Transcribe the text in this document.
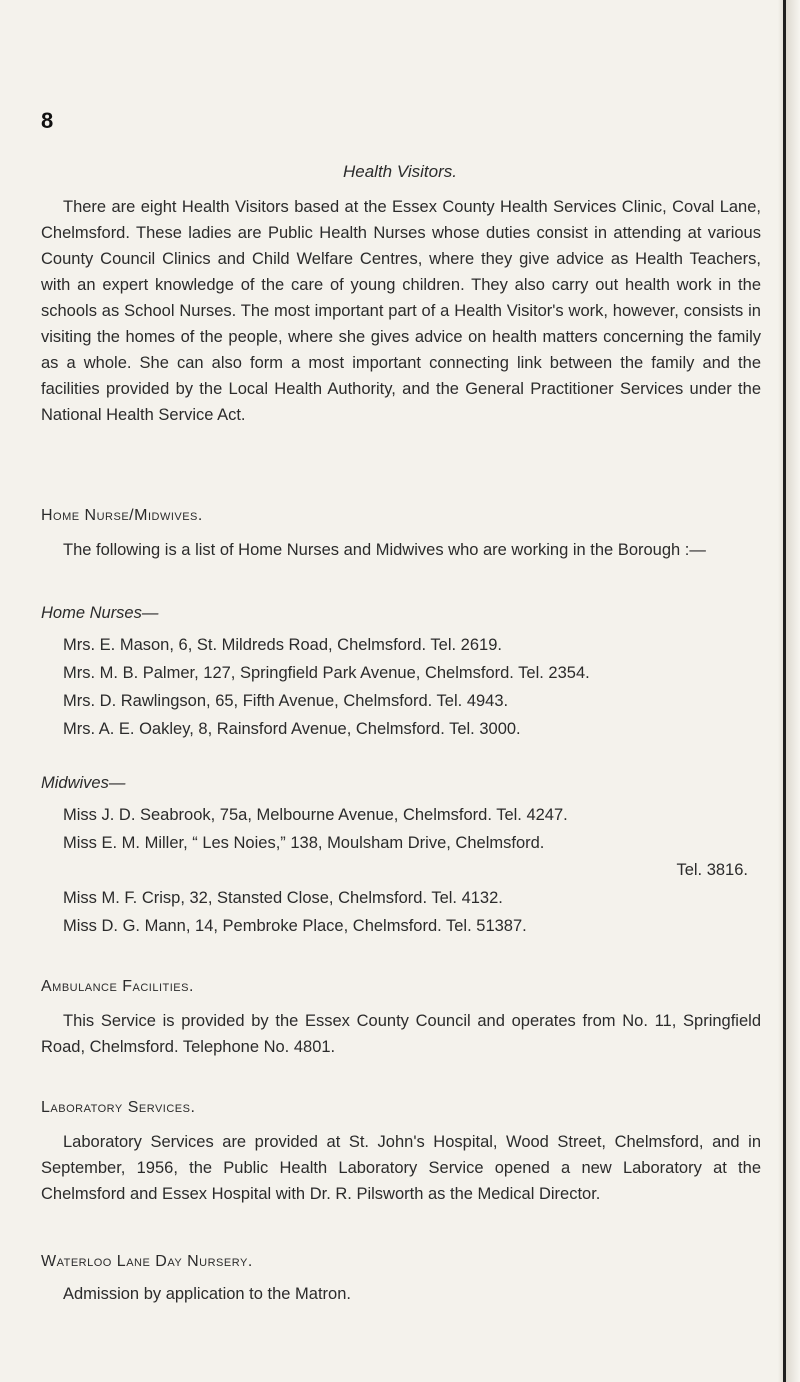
8
Health Visitors.
There are eight Health Visitors based at the Essex County Health Services Clinic, Coval Lane, Chelmsford. These ladies are Public Health Nurses whose duties consist in attending at various County Council Clinics and Child Welfare Centres, where they give advice as Health Teachers, with an expert knowledge of the care of young children. They also carry out health work in the schools as School Nurses. The most important part of a Health Visitor's work, however, consists in visiting the homes of the people, where she gives advice on health matters concerning the family as a whole. She can also form a most important connecting link between the family and the facilities provided by the Local Health Authority, and the General Practitioner Services under the National Health Service Act.
Home Nurse/Midwives.
The following is a list of Home Nurses and Midwives who are working in the Borough :—
Home Nurses—
Mrs. E. Mason, 6, St. Mildreds Road, Chelmsford. Tel. 2619.
Mrs. M. B. Palmer, 127, Springfield Park Avenue, Chelmsford. Tel. 2354.
Mrs. D. Rawlingson, 65, Fifth Avenue, Chelmsford. Tel. 4943.
Mrs. A. E. Oakley, 8, Rainsford Avenue, Chelmsford. Tel. 3000.
Midwives—
Miss J. D. Seabrook, 75a, Melbourne Avenue, Chelmsford. Tel. 4247.
Miss E. M. Miller, “ Les Noies,” 138, Moulsham Drive, Chelmsford.
Tel. 3816.
Miss M. F. Crisp, 32, Stansted Close, Chelmsford. Tel. 4132.
Miss D. G. Mann, 14, Pembroke Place, Chelmsford. Tel. 51387.
Ambulance Facilities.
This Service is provided by the Essex County Council and operates from No. 11, Springfield Road, Chelmsford. Telephone No. 4801.
Laboratory Services.
Laboratory Services are provided at St. John's Hospital, Wood Street, Chelmsford, and in September, 1956, the Public Health Laboratory Service opened a new Laboratory at the Chelmsford and Essex Hospital with Dr. R. Pilsworth as the Medical Director.
Waterloo Lane Day Nursery.
Admission by application to the Matron.
